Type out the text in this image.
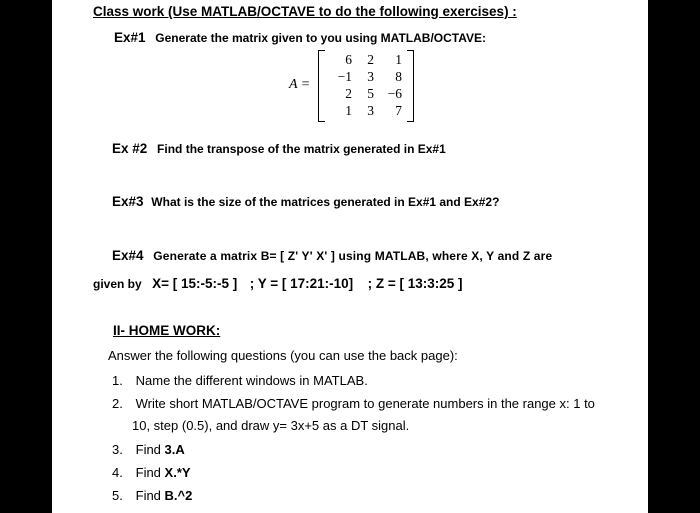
Class work (Use MATLAB/OCTAVE to do the following exercises) :
Ex#1 Generate the matrix given to you using MATLAB/OCTAVE:
A =
6	2	1
−1	3	8
2	5	−6
1	3	7
Ex #2 Find the transpose of the matrix generated in Ex#1
Ex#3 What is the size of the matrices generated in Ex#1 and Ex#2?
Ex#4 Generate a matrix B= [ Z' Y' X' ] using MATLAB, where X, Y and Z are
given by X= [ 15:-5:-5 ] ; Y = [ 17:21:-10] ; Z = [ 13:3:25 ]
II- HOME WORK:
Answer the following questions (you can use the back page):
1. Name the different windows in MATLAB.
2. Write short MATLAB/OCTAVE program to generate numbers in the range x: 1 to
10, step (0.5), and draw y= 3x+5 as a DT signal.
3. Find 3.A
4. Find X.*Y
5. Find B.^2
